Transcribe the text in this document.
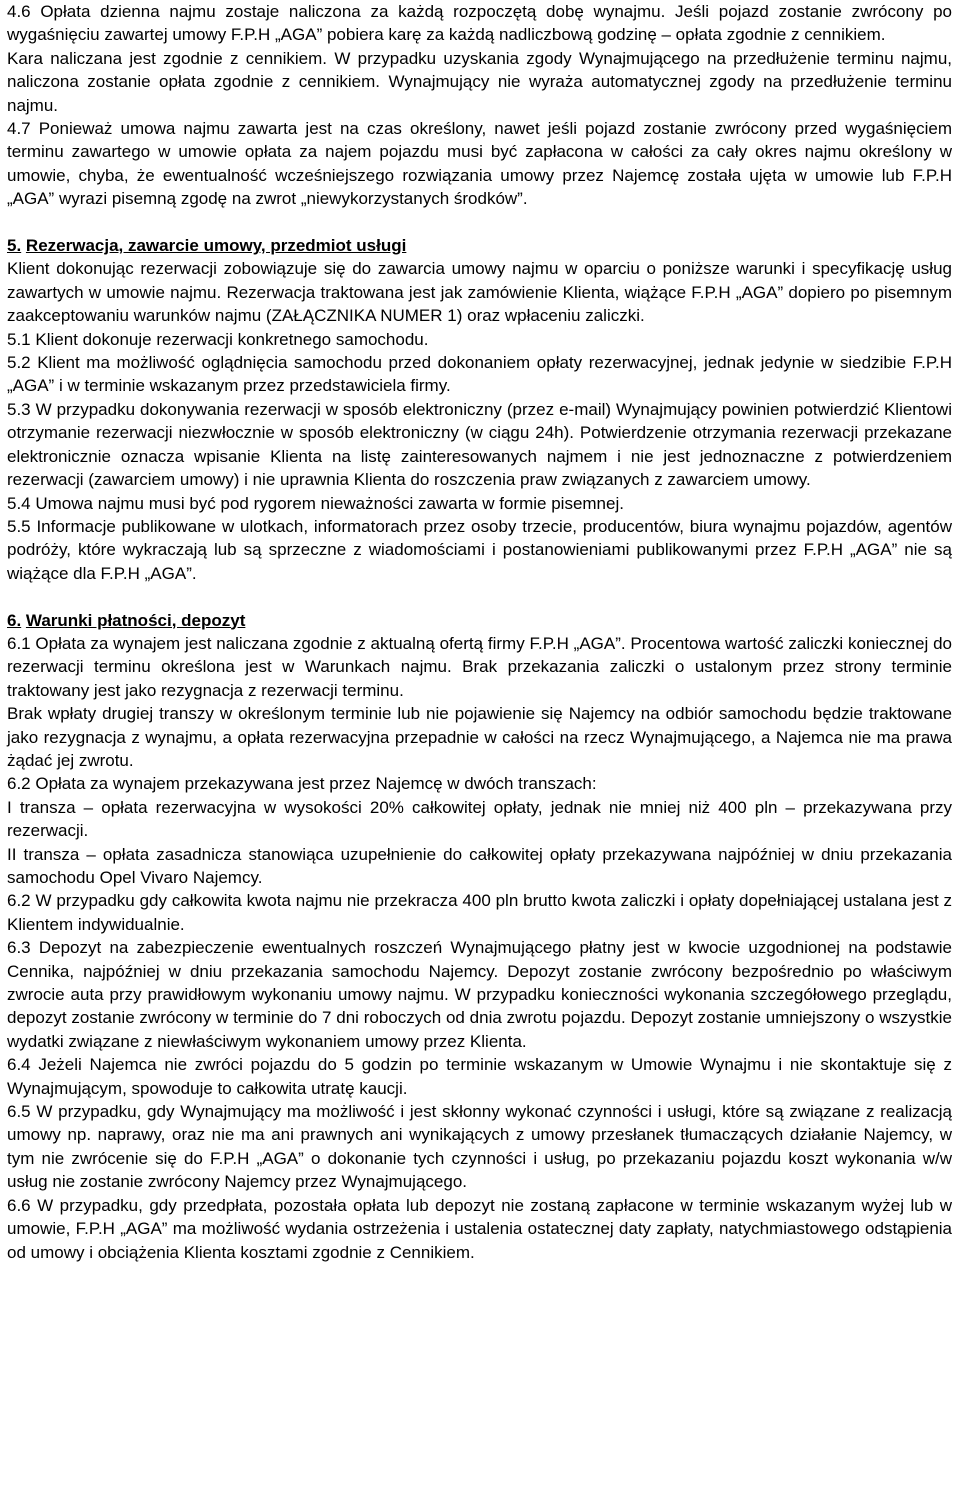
4.6 Opłata dzienna najmu zostaje naliczona za każdą rozpoczętą dobę wynajmu. Jeśli pojazd zostanie zwrócony po wygaśnięciu zawartej umowy F.P.H „AGA” pobiera karę za każdą nadliczbową godzinę – opłata zgodnie z cennikiem.

Kara naliczana jest zgodnie z cennikiem. W przypadku uzyskania zgody Wynajmującego na przedłużenie terminu najmu, naliczona zostanie opłata zgodnie z cennikiem. Wynajmujący nie wyraża automatycznej zgody na przedłużenie terminu najmu.

4.7 Ponieważ umowa najmu zawarta jest na czas określony, nawet jeśli pojazd zostanie zwrócony przed wygaśnięciem terminu zawartego w umowie opłata za najem pojazdu musi być zapłacona w całości za cały okres najmu określony w umowie, chyba, że ewentualność wcześniejszego rozwiązania umowy przez Najemcę została ujęta w umowie lub F.P.H „AGA” wyrazi pisemną zgodę na zwrot „niewykorzystanych środków”.

5. Rezerwacja, zawarcie umowy, przedmiot usługi

Klient dokonując rezerwacji zobowiązuje się do zawarcia umowy najmu w oparciu o poniższe warunki i specyfikację usług zawartych w umowie najmu. Rezerwacja traktowana jest jak zamówienie Klienta, wiążące F.P.H „AGA” dopiero po pisemnym zaakceptowaniu warunków najmu (ZAŁĄCZNIKA NUMER 1) oraz wpłaceniu zaliczki.

5.1 Klient dokonuje rezerwacji konkretnego samochodu.

5.2 Klient ma możliwość oglądnięcia samochodu przed dokonaniem opłaty rezerwacyjnej, jednak jedynie w siedzibie F.P.H „AGA” i w terminie wskazanym przez przedstawiciela firmy.

5.3 W przypadku dokonywania rezerwacji w sposób elektroniczny (przez e-mail) Wynajmujący powinien potwierdzić Klientowi otrzymanie rezerwacji niezwłocznie w sposób elektroniczny (w ciągu 24h). Potwierdzenie otrzymania rezerwacji przekazane elektronicznie oznacza wpisanie Klienta na listę zainteresowanych najmem i nie jest jednoznaczne z potwierdzeniem rezerwacji (zawarciem umowy) i nie uprawnia Klienta do roszczenia praw związanych z zawarciem umowy.

5.4 Umowa najmu musi być pod rygorem nieważności zawarta w formie pisemnej.

5.5 Informacje publikowane w ulotkach, informatorach przez osoby trzecie, producentów, biura wynajmu pojazdów, agentów podróży, które wykraczają lub są sprzeczne z wiadomościami i postanowieniami publikowanymi przez F.P.H „AGA” nie są wiążące dla F.P.H „AGA”.

6. Warunki płatności, depozyt

6.1 Opłata za wynajem jest naliczana zgodnie z aktualną ofertą firmy F.P.H „AGA”. Procentowa wartość zaliczki koniecznej do rezerwacji terminu określona jest w Warunkach najmu. Brak przekazania zaliczki o ustalonym przez strony terminie traktowany jest jako rezygnacja z rezerwacji terminu.

Brak wpłaty drugiej transzy w określonym terminie lub nie pojawienie się Najemcy na odbiór samochodu będzie traktowane jako rezygnacja z wynajmu, a opłata rezerwacyjna przepadnie w całości na rzecz Wynajmującego, a Najemca nie ma prawa żądać jej zwrotu.

6.2 Opłata za wynajem przekazywana jest przez Najemcę w dwóch transzach:

I transza – opłata rezerwacyjna w wysokości 20% całkowitej opłaty, jednak nie mniej niż 400 pln – przekazywana przy rezerwacji.

II transza – opłata zasadnicza stanowiąca uzupełnienie do całkowitej opłaty przekazywana najpóźniej w dniu przekazania samochodu Opel Vivaro Najemcy.

6.2 W przypadku gdy całkowita kwota najmu nie przekracza 400 pln brutto kwota zaliczki i opłaty dopełniającej ustalana jest z Klientem indywidualnie.

6.3 Depozyt na zabezpieczenie ewentualnych roszczeń Wynajmującego płatny jest w kwocie uzgodnionej na podstawie Cennika, najpóźniej w dniu przekazania samochodu Najemcy. Depozyt zostanie zwrócony bezpośrednio po właściwym zwrocie auta przy prawidłowym wykonaniu umowy najmu. W przypadku konieczności wykonania szczegółowego przeglądu, depozyt zostanie zwrócony w terminie do 7 dni roboczych od dnia zwrotu pojazdu. Depozyt zostanie umniejszony o wszystkie wydatki związane z niewłaściwym wykonaniem umowy przez Klienta.

6.4 Jeżeli Najemca nie zwróci pojazdu do 5 godzin po terminie wskazanym w Umowie Wynajmu i nie skontaktuje się z Wynajmującym, spowoduje to całkowita utratę kaucji.

6.5 W przypadku, gdy Wynajmujący ma możliwość i jest skłonny wykonać czynności i usługi, które są związane z realizacją umowy np. naprawy, oraz nie ma ani prawnych ani wynikających z umowy przesłanek tłumaczących działanie Najemcy, w tym nie zwrócenie się do F.P.H „AGA” o dokonanie tych czynności i usług, po przekazaniu pojazdu koszt wykonania w/w usług nie zostanie zwrócony Najemcy przez Wynajmującego.

6.6 W przypadku, gdy przedpłata, pozostała opłata lub depozyt nie zostaną zapłacone w terminie wskazanym wyżej lub w umowie, F.P.H „AGA” ma możliwość wydania ostrzeżenia i ustalenia ostatecznej daty zapłaty, natychmiastowego odstąpienia od umowy i obciążenia Klienta kosztami zgodnie z Cennikiem.
